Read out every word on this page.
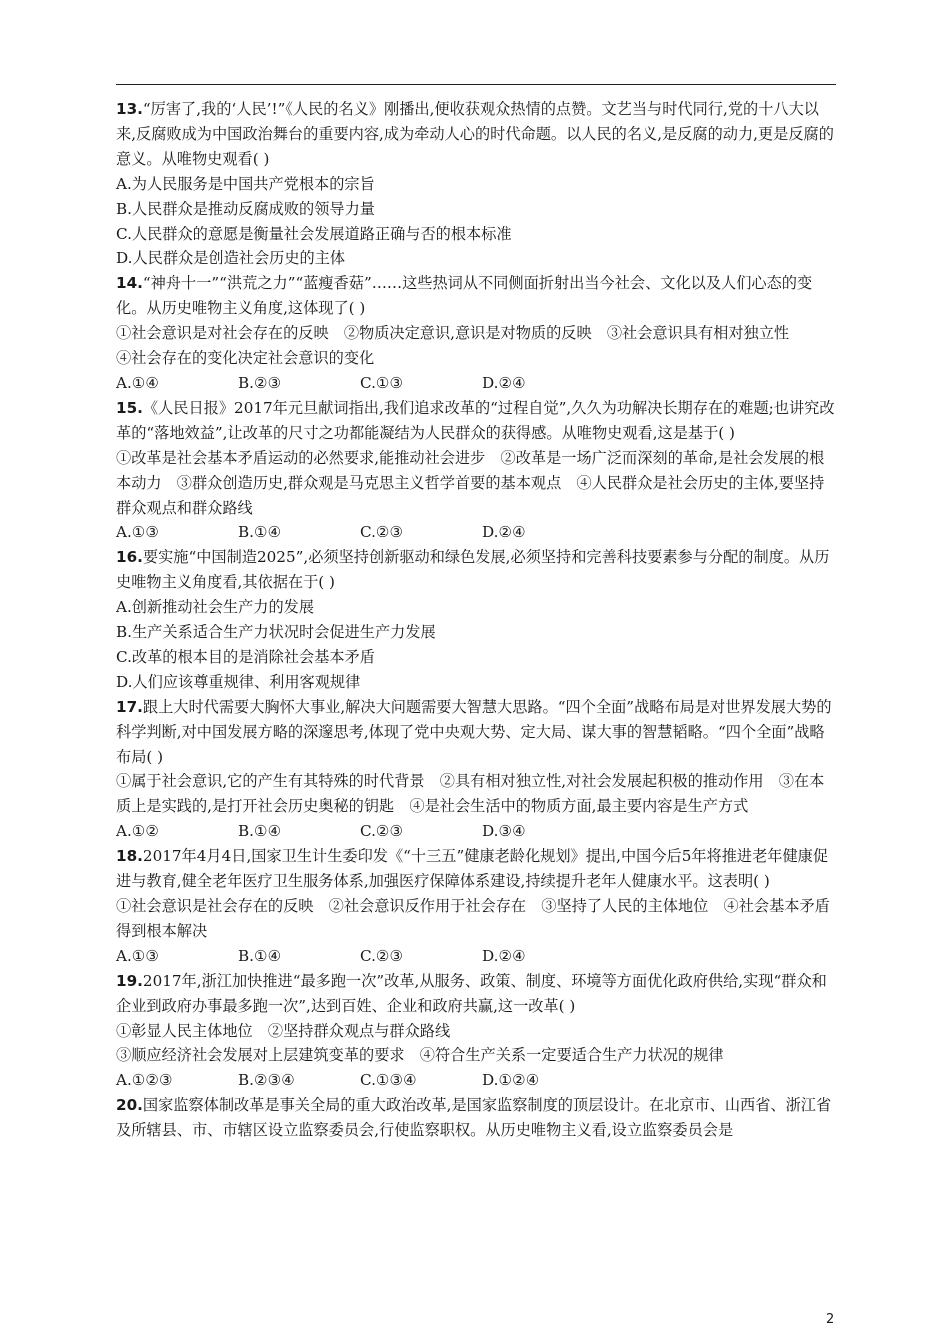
13.“厉害了,我的‘人民’!”《人民的名义》刚播出,便收获观众热情的点赞。文艺当与时代同行,党的十八大以来,反腐败成为中国政治舞台的重要内容,成为牵动人心的时代命题。以人民的名义,是反腐的动力,更是反腐的意义。从唯物史观看( )

A.为人民服务是中国共产党根本的宗旨

B.人民群众是推动反腐成败的领导力量

C.人民群众的意愿是衡量社会发展道路正确与否的根本标准

D.人民群众是创造社会历史的主体

14.“神舟十一”“洪荒之力”“蓝瘦香菇”……这些热词从不同侧面折射出当今社会、文化以及人们心态的变化。从历史唯物主义角度,这体现了( )

①社会意识是对社会存在的反映　②物质决定意识,意识是对物质的反映　③社会意识具有相对独立性

④社会存在的变化决定社会意识的变化

A.①④	B.②③	C.①③	D.②④

15.《人民日报》2017年元旦献词指出,我们追求改革的“过程自觉”,久久为功解决长期存在的难题;也讲究改革的“落地效益”,让改革的尺寸之功都能凝结为人民群众的获得感。从唯物史观看,这是基于( )

①改革是社会基本矛盾运动的必然要求,能推动社会进步　②改革是一场广泛而深刻的革命,是社会发展的根本动力　③群众创造历史,群众观是马克思主义哲学首要的基本观点　④人民群众是社会历史的主体,要坚持群众观点和群众路线

A.①③	B.①④	C.②③	D.②④

16.要实施“中国制造2025”,必须坚持创新驱动和绿色发展,必须坚持和完善科技要素参与分配的制度。从历史唯物主义角度看,其依据在于( )

A.创新推动社会生产力的发展

B.生产关系适合生产力状况时会促进生产力发展

C.改革的根本目的是消除社会基本矛盾

D.人们应该尊重规律、利用客观规律

17.跟上大时代需要大胸怀大事业,解决大问题需要大智慧大思路。“四个全面”战略布局是对世界发展大势的科学判断,对中国发展方略的深邃思考,体现了党中央观大势、定大局、谋大事的智慧韬略。“四个全面”战略布局( )

①属于社会意识,它的产生有其特殊的时代背景　②具有相对独立性,对社会发展起积极的推动作用　③在本质上是实践的,是打开社会历史奥秘的钥匙　④是社会生活中的物质方面,最主要内容是生产方式

A.①②	B.①④	C.②③	D.③④

18.2017年4月4日,国家卫生计生委印发《“十三五”健康老龄化规划》提出,中国今后5年将推进老年健康促进与教育,健全老年医疗卫生服务体系,加强医疗保障体系建设,持续提升老年人健康水平。这表明( )

①社会意识是社会存在的反映　②社会意识反作用于社会存在　③坚持了人民的主体地位　④社会基本矛盾得到根本解决

A.①③	B.①④	C.②③	D.②④

19.2017年,浙江加快推进“最多跑一次”改革,从服务、政策、制度、环境等方面优化政府供给,实现“群众和企业到政府办事最多跑一次”,达到百姓、企业和政府共赢,这一改革( )

①彰显人民主体地位　②坚持群众观点与群众路线

③顺应经济社会发展对上层建筑变革的要求　④符合生产关系一定要适合生产力状况的规律

A.①②③	B.②③④	C.①③④	D.①②④

20.国家监察体制改革是事关全局的重大政治改革,是国家监察制度的顶层设计。在北京市、山西省、浙江省及所辖县、市、市辖区设立监察委员会,行使监察职权。从历史唯物主义看,设立监察委员会是

2
